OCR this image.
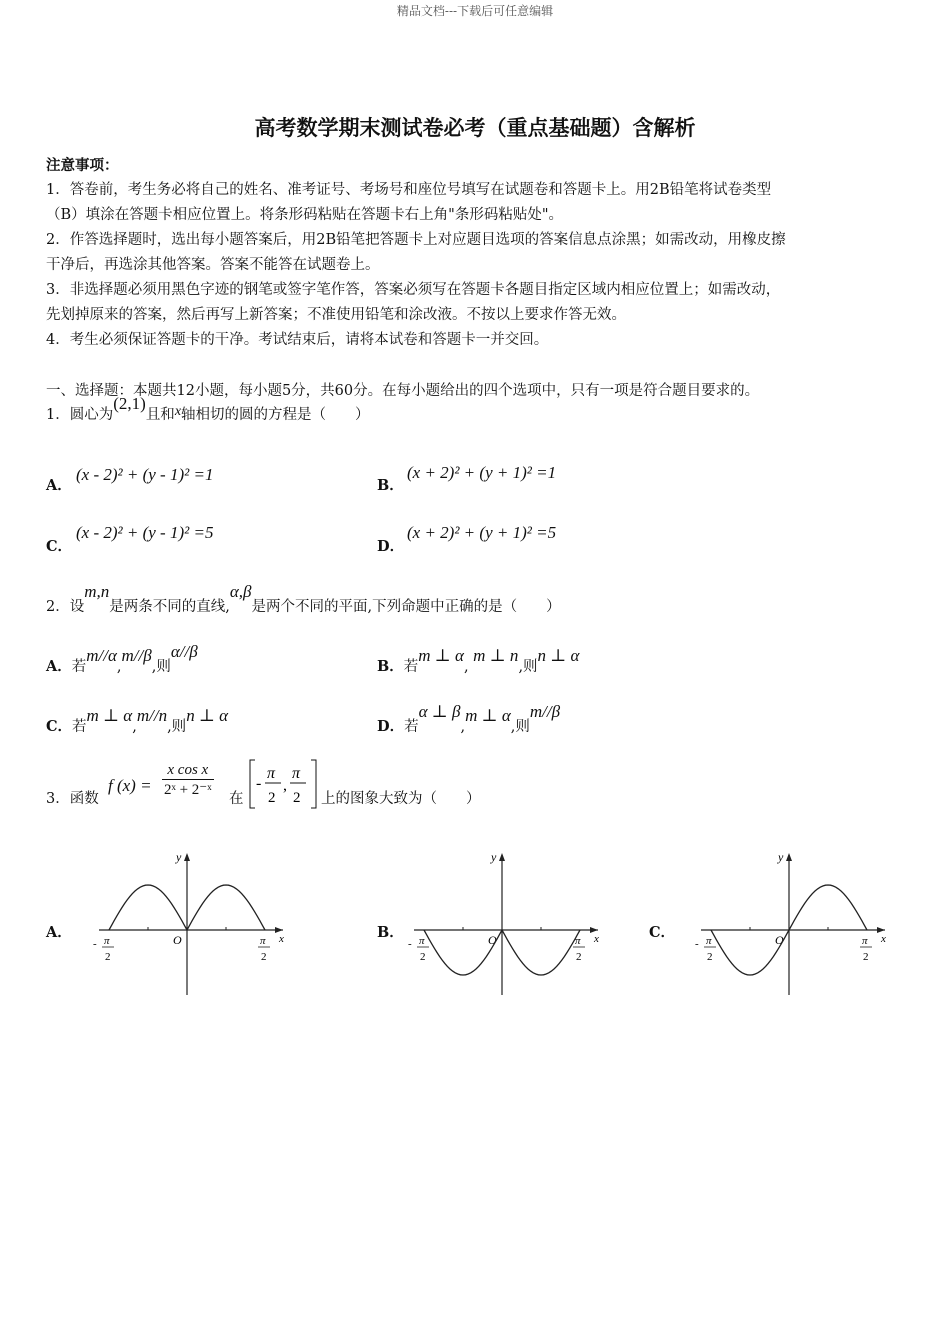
精品文档---下载后可任意编辑
高考数学期末测试卷必考（重点基础题）含解析
注意事项：
1．答卷前，考生务必将自己的姓名、准考证号、考场号和座位号填写在试题卷和答题卡上。用2B铅笔将试卷类型
（B）填涂在答题卡相应位置上。将条形码粘贴在答题卡右上角"条形码粘贴处"。
2．作答选择题时，选出每小题答案后，用2B铅笔把答题卡上对应题目选项的答案信息点涂黑；如需改动，用橡皮擦
干净后，再选涂其他答案。答案不能答在试题卷上。
3．非选择题必须用黑色字迹的钢笔或签字笔作答，答案必须写在答题卡各题目指定区域内相应位置上；如需改动，
先划掉原来的答案，然后再写上新答案；不准使用铅笔和涂改液。不按以上要求作答无效。
4．考生必须保证答题卡的干净。考试结束后，请将本试卷和答题卡一并交回。
一、选择题：本题共12小题，每小题5分，共60分。在每小题给出的四个选项中，只有一项是符合题目要求的。
1．圆心为(2,1)且和x轴相切的圆的方程是（　　）
A．
(x - 2)² + (y - 1)² =1
B．
(x + 2)² + (y + 1)² =1
C．
(x - 2)² + (y - 1)² =5
D．
(x + 2)² + (y + 1)² =5
2．设m,n是两条不同的直线,α,β是两个不同的平面,下列命题中正确的是（　　）
A．若m//α,m//β,则α//β
B．若m ⊥ α, m ⊥ n,则n ⊥ α
C．若m ⊥ α,m//n,则n ⊥ α
D．若α ⊥ β,m ⊥ α,则m//β
3．函数
f $(x) = \frac{\text{x cos x}}{\text{2ˣ + 2⁻ˣ}}$ 在
-
π
2
,
π
2 上的图象大致为（　　）
A．	B．	C．
y
x
O
- π
2
π
2
y
x
O
- π
2
π
2
y
x
O
- π
2
π
2
